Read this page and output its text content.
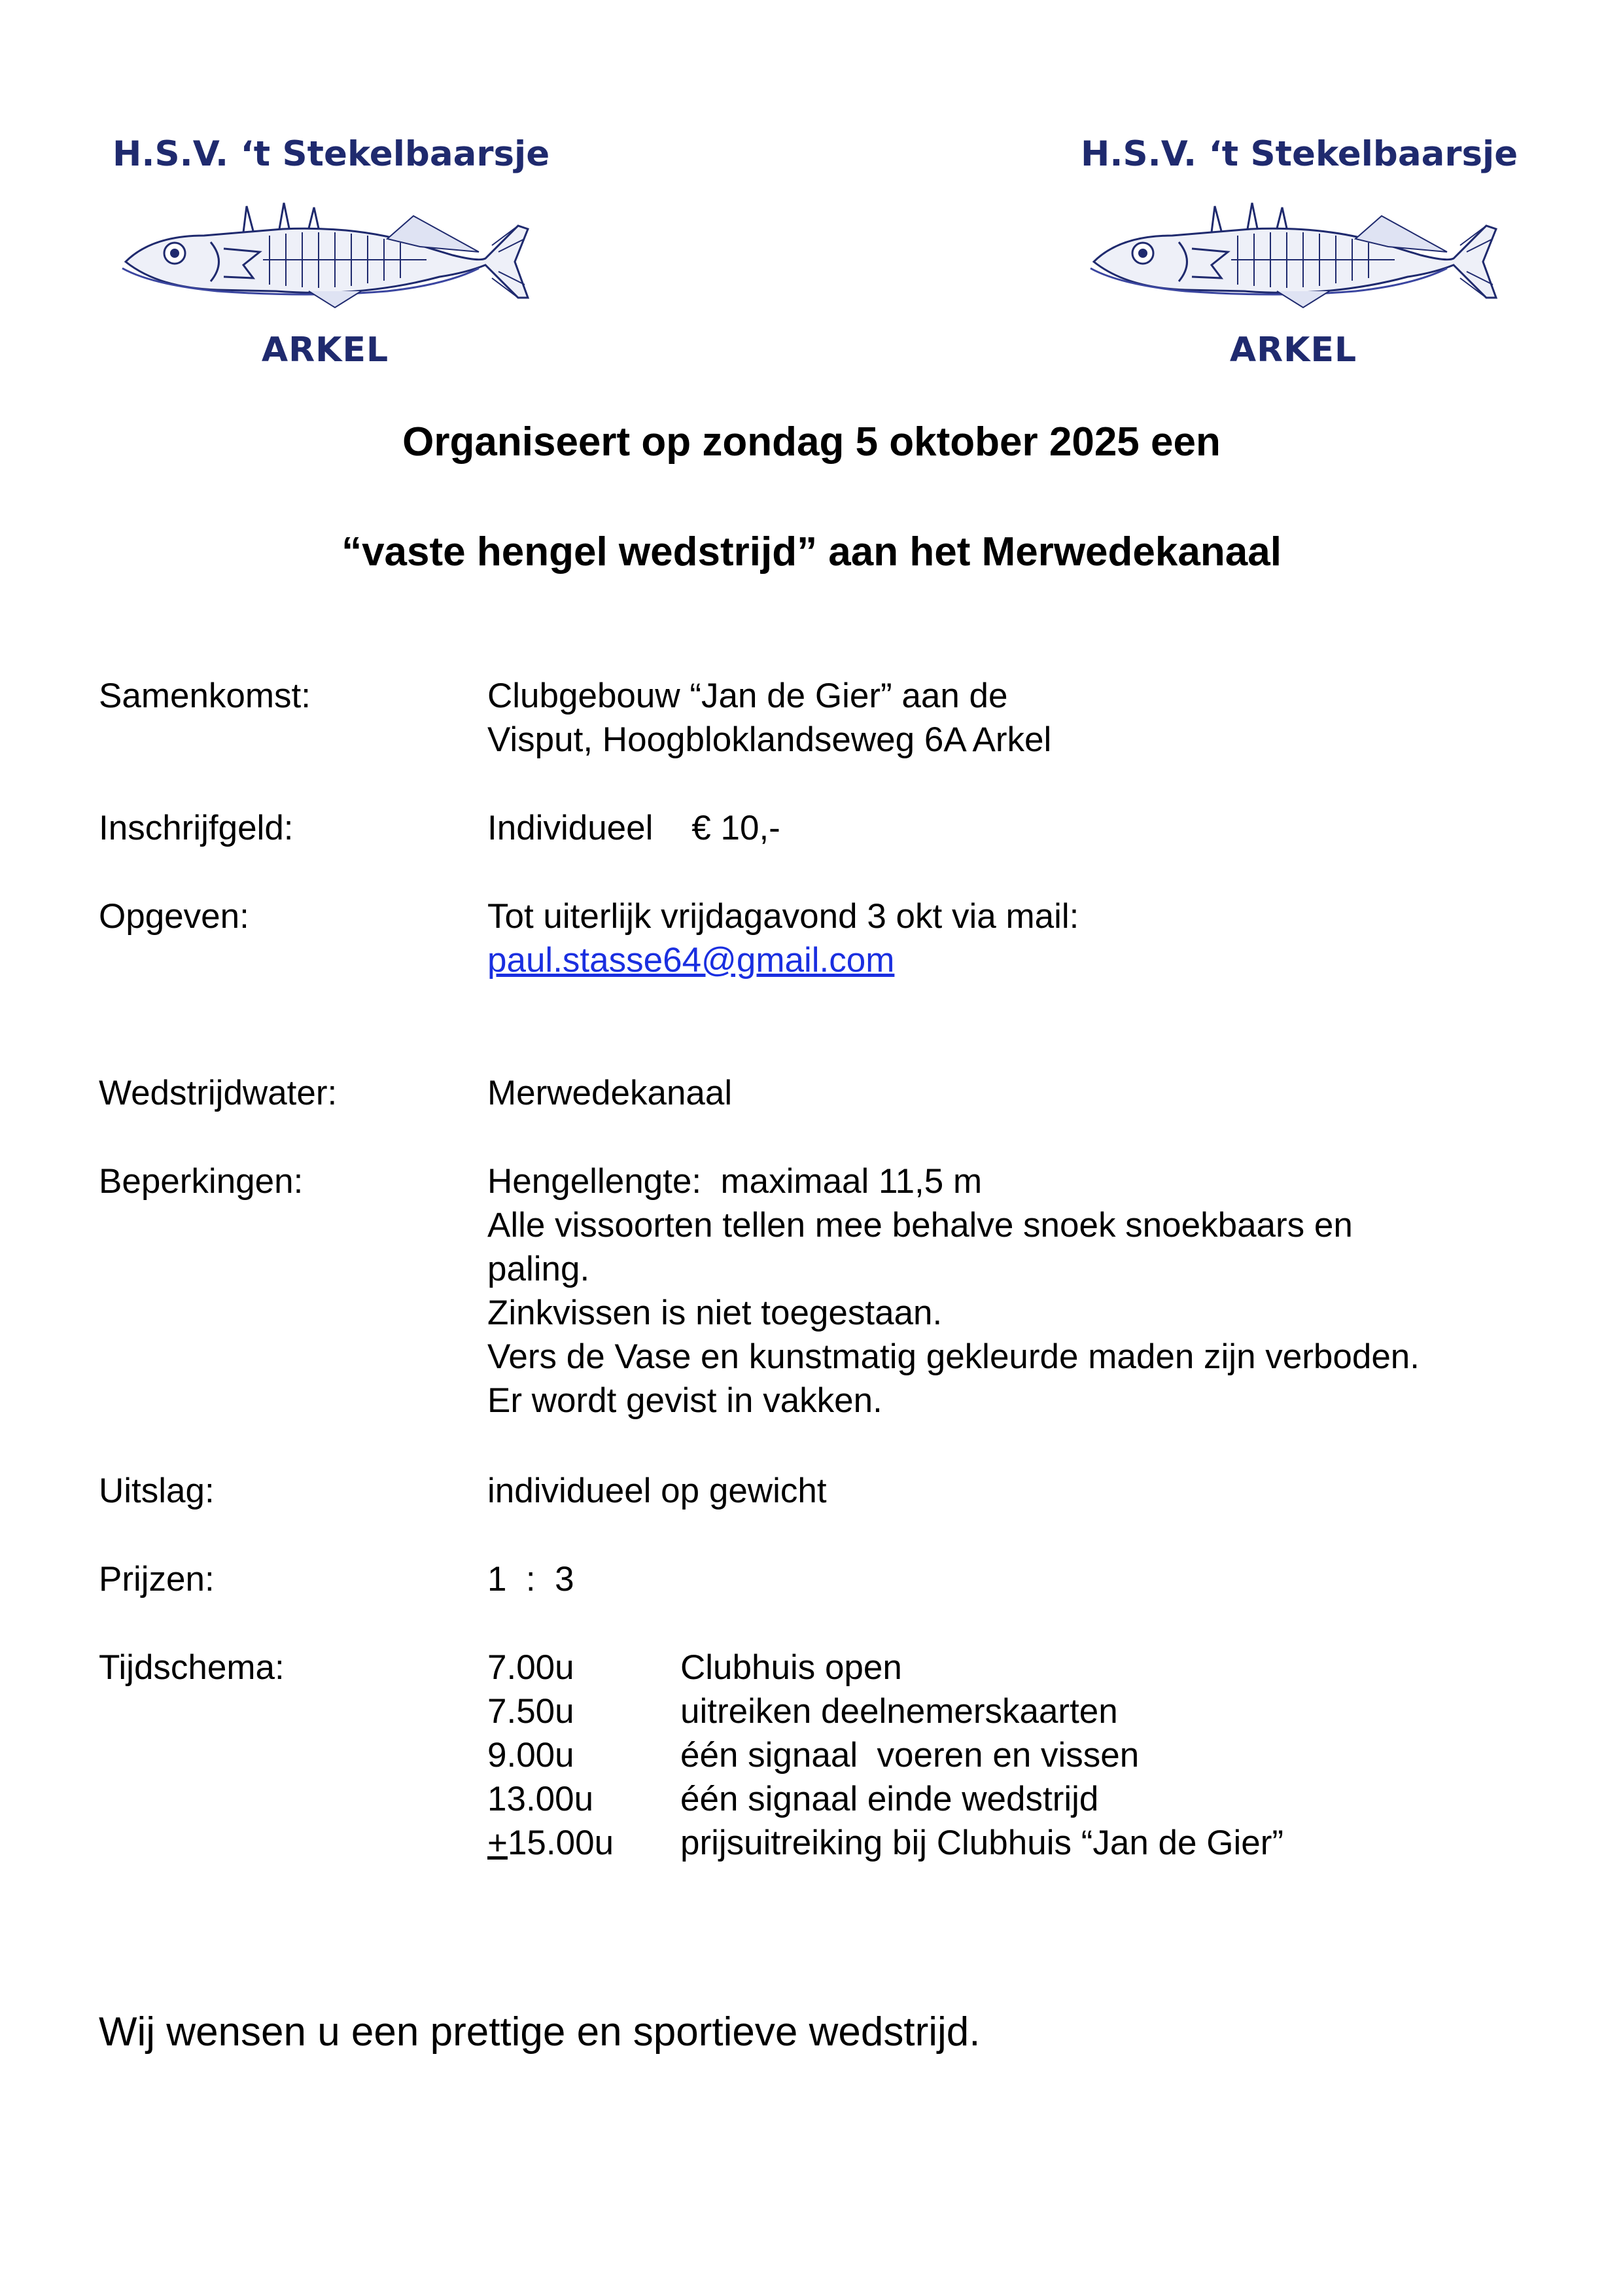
H.S.V. ‘t Stekelbaarsje
ARKEL
H.S.V. ‘t Stekelbaarsje
ARKEL
Organiseert op zondag 5 oktober 2025 een
“vaste hengel wedstrijd” aan het Merwedekanaal
Samenkomst:	Clubgebouw “Jan de Gier” aan de
Visput, Hoogbloklandseweg 6A Arkel
Inschrijfgeld:	Individueel    € 10,-
Opgeven:	Tot uiterlijk vrijdagavond 3 okt via mail:
paul.stasse64@gmail.com
Wedstrijdwater:	Merwedekanaal
Beperkingen:	Hengellengte:  maximaal 11,5 m
Alle vissoorten tellen mee behalve snoek snoekbaars en
paling.
Zinkvissen is niet toegestaan.
Vers de Vase en kunstmatig gekleurde maden zijn verboden.
Er wordt gevist in vakken.
Uitslag:	individueel op gewicht
Prijzen:	1  :  3
Tijdschema:	7.00u	Clubhuis open
7.50u	uitreiken deelnemerskaarten
9.00u	één signaal  voeren en vissen
13.00u	één signaal einde wedstrijd
+15.00u prijsuitreiking bij Clubhuis “Jan de Gier”
Wij wensen u een prettige en sportieve wedstrijd.
